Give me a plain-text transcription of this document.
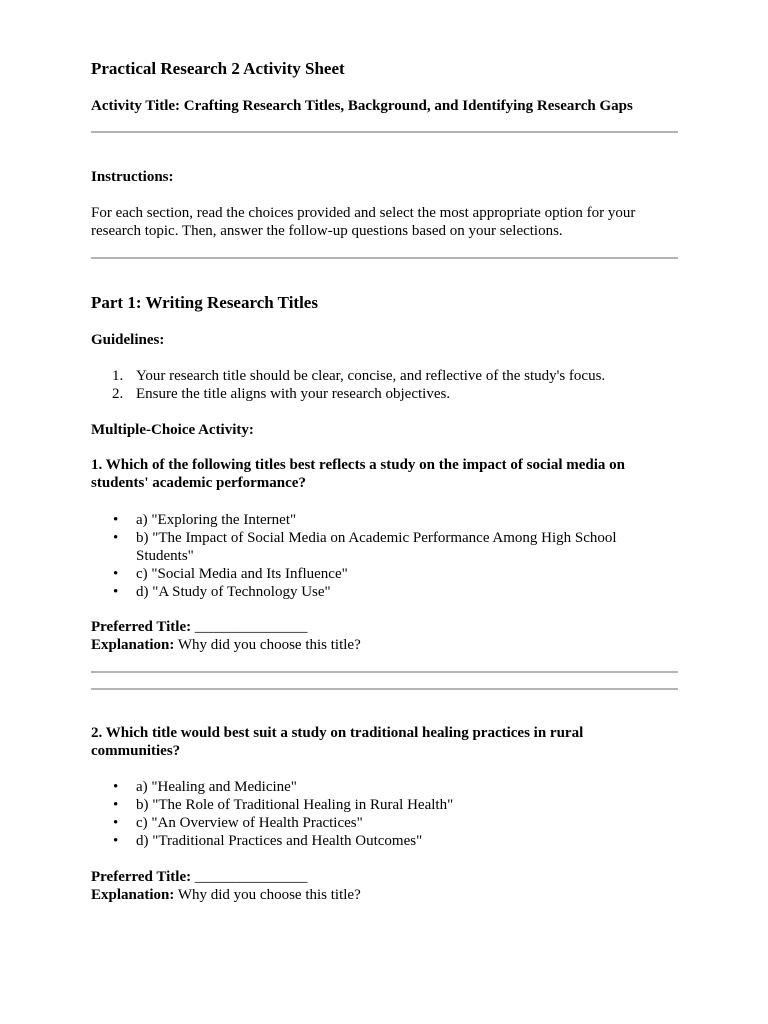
Practical Research 2 Activity Sheet

Activity Title: Crafting Research Titles, Background, and Identifying Research Gaps

Instructions:

For each section, read the choices provided and select the most appropriate option for your research topic. Then, answer the follow-up questions based on your selections.

Part 1: Writing Research Titles

Guidelines:

1. Your research title should be clear, concise, and reflective of the study's focus.
2. Ensure the title aligns with your research objectives.

Multiple-Choice Activity:

1. Which of the following titles best reflects a study on the impact of social media on students' academic performance?

• a) "Exploring the Internet"
• b) "The Impact of Social Media on Academic Performance Among High School Students"
• c) "Social Media and Its Influence"
• d) "A Study of Technology Use"
Preferred Title: _______________
Explanation: Why did you choose this title?

2. Which title would best suit a study on traditional healing practices in rural communities?

• a) "Healing and Medicine"
• b) "The Role of Traditional Healing in Rural Health"
• c) "An Overview of Health Practices"
• d) "Traditional Practices and Health Outcomes"
Preferred Title: _______________
Explanation: Why did you choose this title?
